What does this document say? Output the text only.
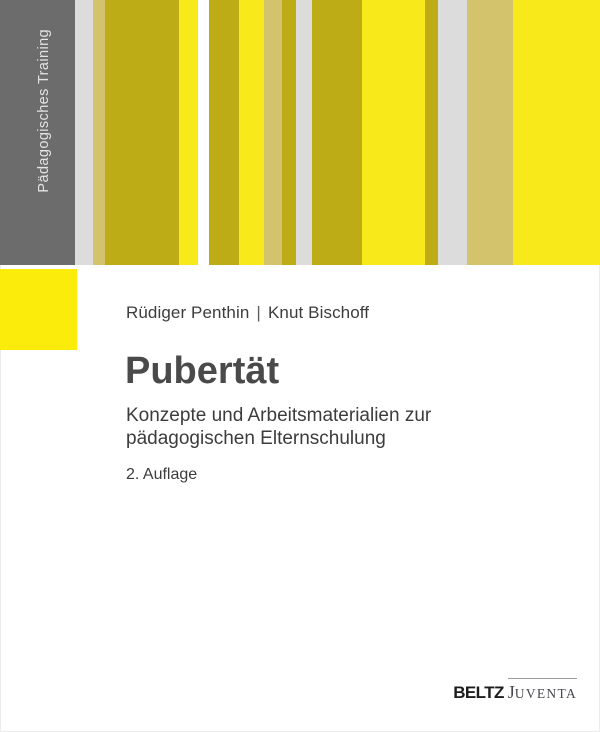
Pädagogisches Training
Rüdiger Penthin | Knut Bischoff
Pubertät

Konzepte und Arbeitsmaterialien zur pädagogischen Elternschulung

2. Auflage

BELTZ JUVENTA
